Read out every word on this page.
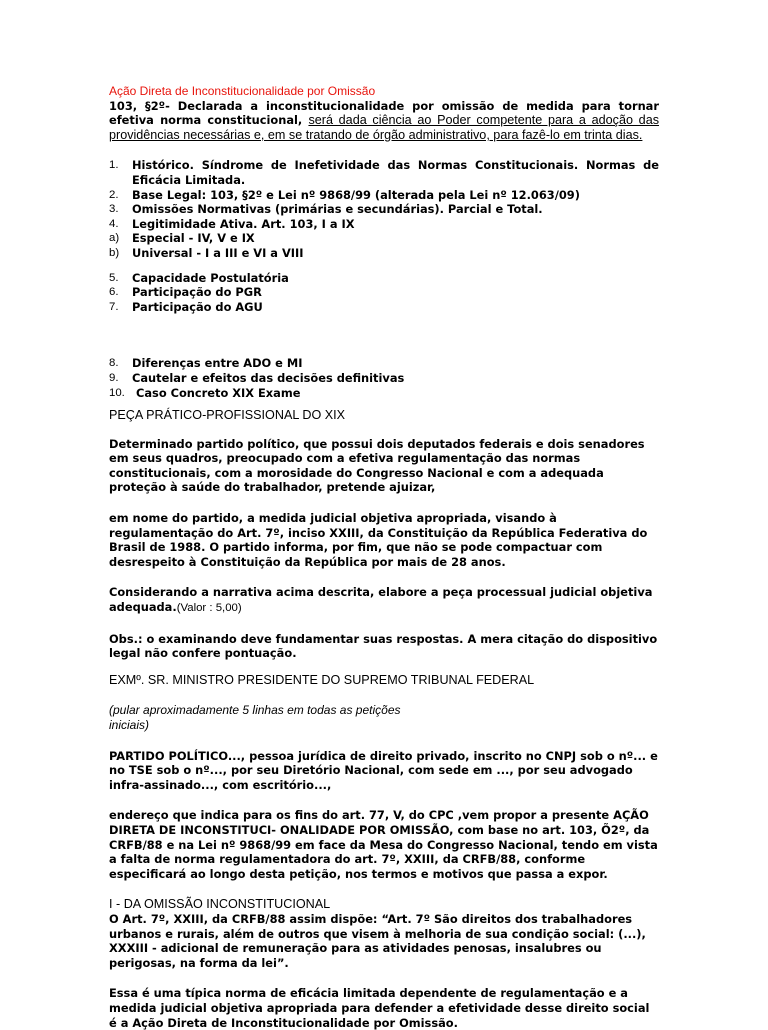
Ação Direta de Inconstitucionalidade por Omissão

103, §2º- Declarada a inconstitucionalidade por omissão de medida para tornar efetiva norma constitucional, será dada ciência ao Poder competente para a adoção das providências necessárias e, em se tratando de órgão administrativo, para fazê-lo em trinta dias.

1.	Histórico. Síndrome de Inefetividade das Normas Constitucionais. Normas de Eficácia Limitada.
2.	Base Legal: 103, §2º e Lei nº 9868/99 (alterada pela Lei nº 12.063/09)
3.	Omissões Normativas (primárias e secundárias). Parcial e Total.
4.	Legitimidade Ativa. Art. 103, I a IX
a)	Especial - IV, V e IX
b)	Universal - I a III e VI a VIII
5.	Capacidade Postulatória
6.	Participação do PGR
7.	Participação do AGU
8.	Diferenças entre ADO e MI
9.	Cautelar e efeitos das decisões definitivas
10. Caso Concreto XIX Exame

PEÇA PRÁTICO-PROFISSIONAL DO XIX

Determinado partido político, que possui dois deputados federais e dois senadores em seus quadros, preocupado com a efetiva regulamentação das normas constitucionais, com a morosidade do Congresso Nacional e com a adequada proteção à saúde do trabalhador, pretende ajuizar,

em nome do partido, a medida judicial objetiva apropriada, visando à regulamentação do Art. 7º, inciso XXIII, da Constituição da República Federativa do Brasil de 1988. O partido informa, por fim, que não se pode compactuar com desrespeito à Constituição da República por mais de 28 anos.

Considerando a narrativa acima descrita, elabore a peça processual judicial objetiva adequada.(Valor : 5,00)

Obs.: o examinando deve fundamentar suas respostas. A mera citação do dispositivo legal não confere pontuação.

EXMº. SR. MINISTRO PRESIDENTE DO SUPREMO TRIBUNAL FEDERAL

(pular aproximadamente 5 linhas em todas as petições iniciais)

PARTIDO POLÍTICO..., pessoa jurídica de direito privado, inscrito no CNPJ sob o nº... e no TSE sob o nº..., por seu Diretório Nacional, com sede em ..., por seu advogado infra-assinado..., com escritório...,

endereço que indica para os fins do art. 77, V, do CPC ,vem propor a presente AÇÃO DIRETA DE INCONSTITUCI- ONALIDADE POR OMISSÃO, com base no art. 103, Õ2º, da CRFB/88 e na Lei nº 9868/99 em face da Mesa do Congresso Nacional, tendo em vista a falta de norma regulamentadora do art. 7º, XXIII, da CRFB/88, conforme especificará ao longo desta petição, nos termos e motivos que passa a expor.

I - DA OMISSÃO INCONSTITUCIONAL

O Art. 7º, XXIII, da CRFB/88 assim dispõe: “Art. 7º São direitos dos trabalhadores urbanos e rurais, além de outros que visem à melhoria de sua condição social: (...), XXXIII - adicional de remuneração para as atividades penosas, insalubres ou perigosas, na forma da lei”.

Essa é uma típica norma de eficácia limitada dependente de regulamentação e a medida judicial objetiva apropriada para defender a efetividade desse direito social é a Ação Direta de Inconstitucionalidade por Omissão.
